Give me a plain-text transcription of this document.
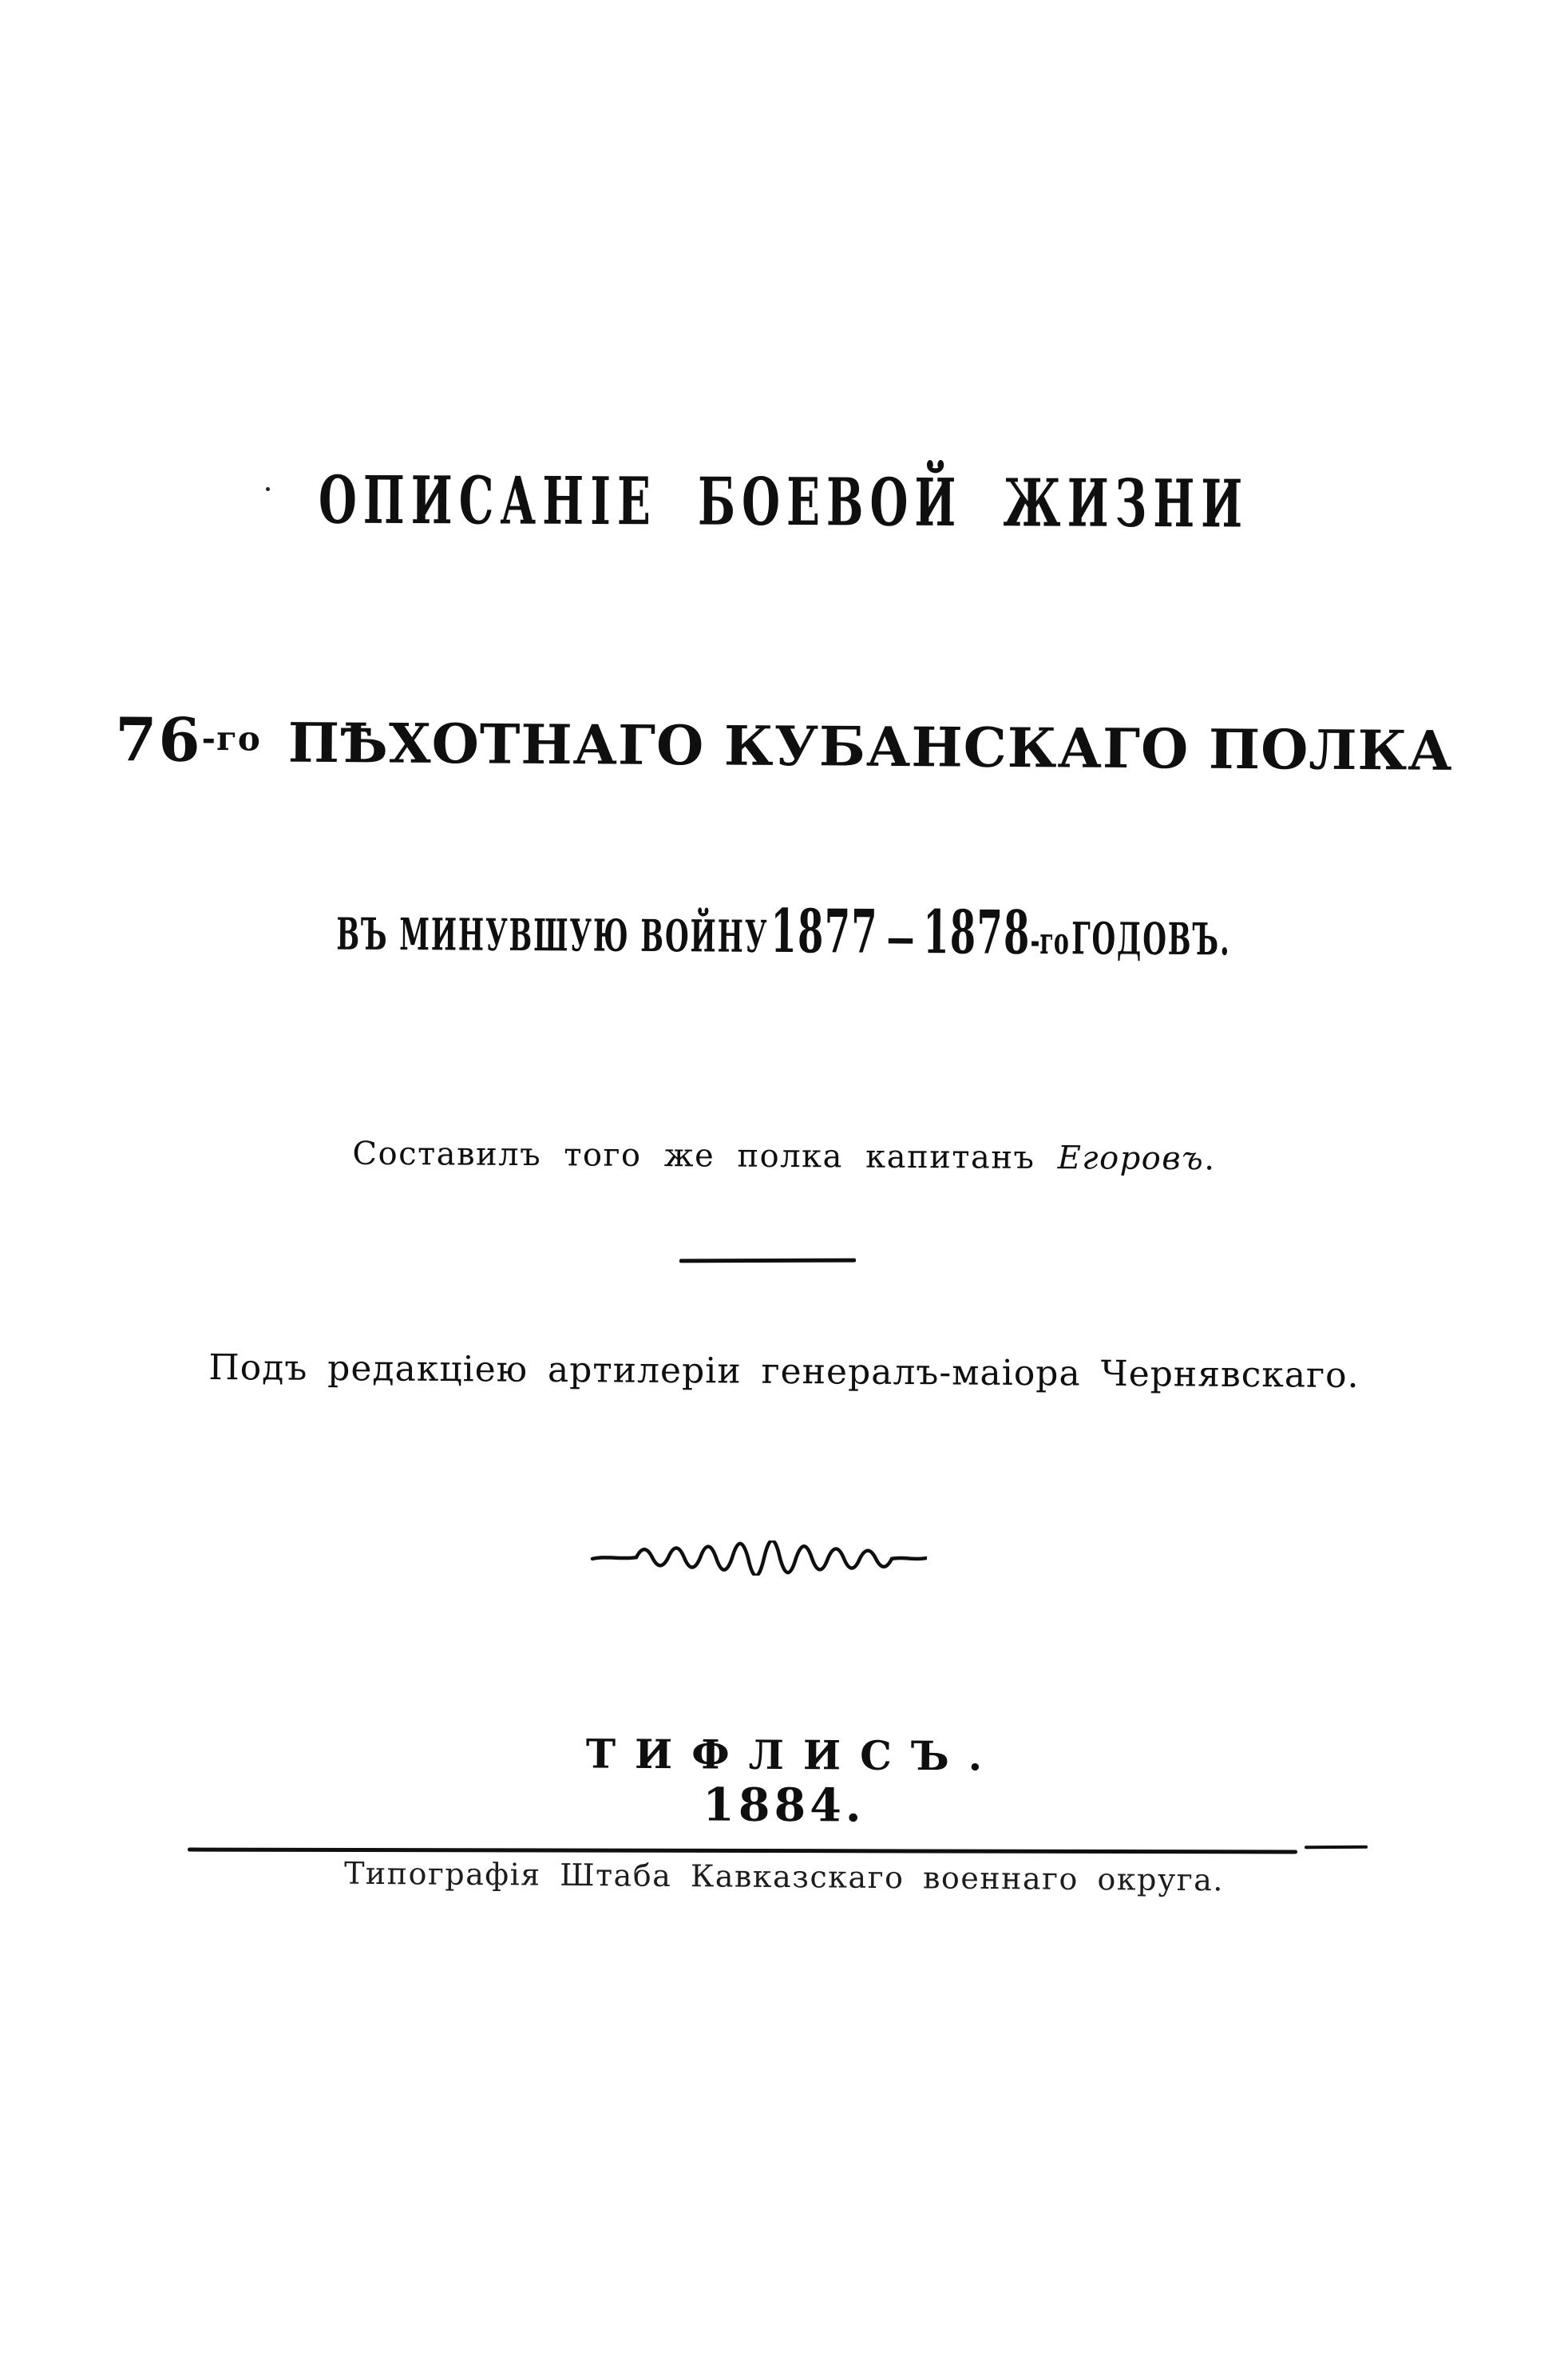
ОПИСАНІЕ БОЕВОЙ ЖИЗНИ
76-го ПѢХОТНАГО КУБАНСКАГО ПОЛКА
ВЪ МИНУВШУЮ ВОЙНУ 1877 — 1878-го ГОДОВЪ.
Составилъ того же полка капитанъ Егоровъ.
Подъ редакціею артилеріи генералъ-маіора Чернявскаго.
ТИФЛИСЪ.
1884.
Типографія Штаба Кавказскаго военнаго округа.
